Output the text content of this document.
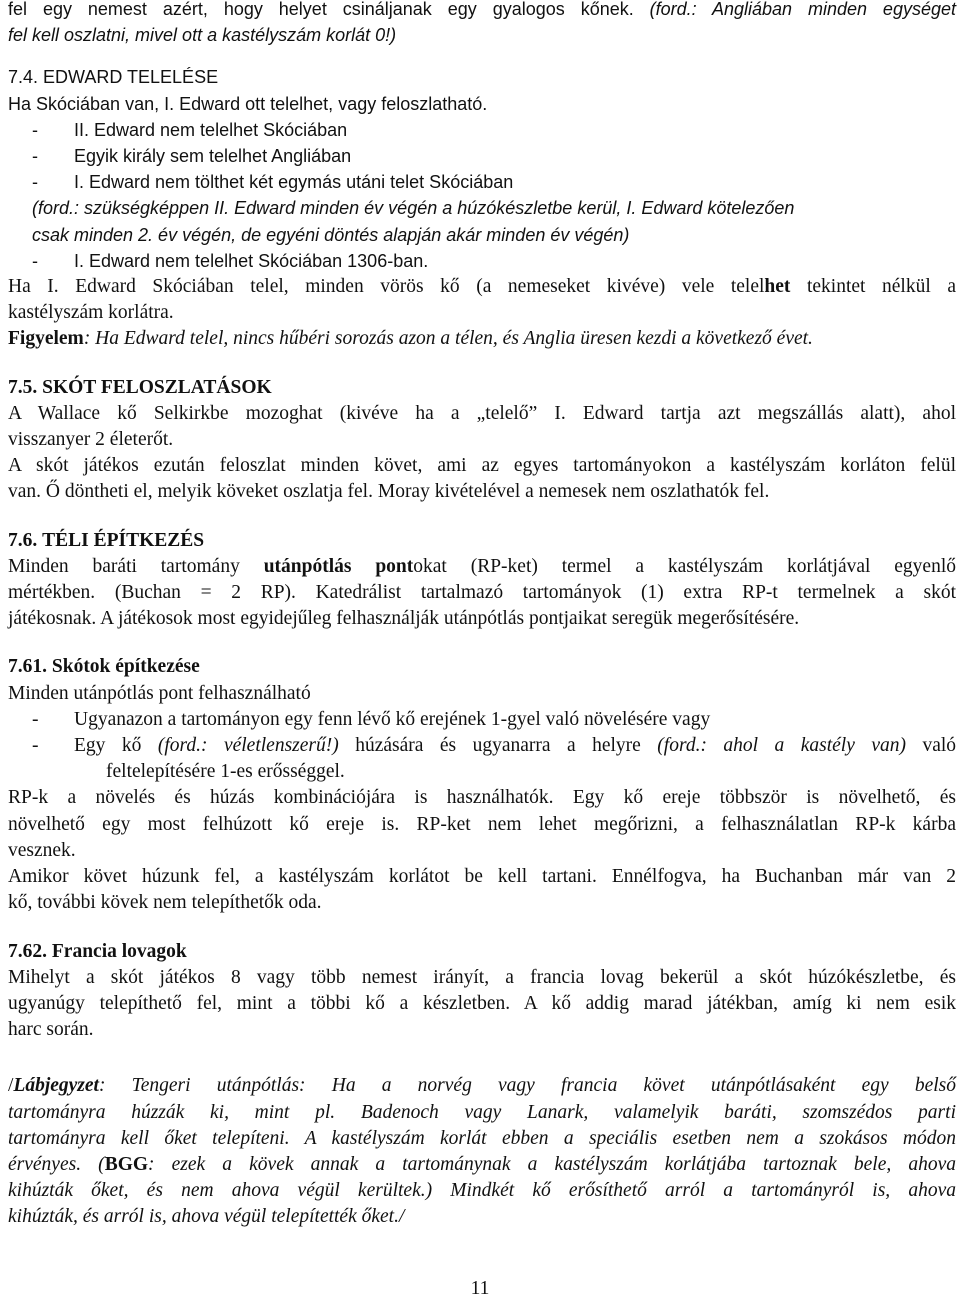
fel egy nemest azért, hogy helyet csináljanak egy gyalogos kőnek. (ford.: Angliában minden egységet
fel kell oszlatni, mivel ott a kastélyszám korlát 0!)
7.4. EDWARD TELELÉSE
Ha Skóciában van, I. Edward ott telelhet, vagy feloszlatható.
- II. Edward nem telelhet Skóciában
- Egyik király sem telelhet Angliában
- I. Edward nem tölthet két egymás utáni telet Skóciában
(ford.: szükségképpen II. Edward minden év végén a húzókészletbe kerül, I. Edward kötelezően
csak minden 2. év végén, de egyéni döntés alapján akár minden év végén)
- I. Edward nem telelhet Skóciában 1306-ban.
Ha I. Edward Skóciában telel, minden vörös kő (a nemeseket kivéve) vele telelhet tekintet nélkül a
kastélyszám korlátra.
Figyelem: Ha Edward telel, nincs hűbéri sorozás azon a télen, és Anglia üresen kezdi a következő évet.
7.5. SKÓT FELOSZLATÁSOK
A Wallace kő Selkirkbe mozoghat (kivéve ha a „telelő” I. Edward tartja azt megszállás alatt), ahol
visszanyer 2 életerőt.
A skót játékos ezután feloszlat minden követ, ami az egyes tartományokon a kastélyszám korláton felül
van. Ő döntheti el, melyik köveket oszlatja fel. Moray kivételével a nemesek nem oszlathatók fel.
7.6. TÉLI ÉPÍTKEZÉS
Minden baráti tartomány utánpótlás pontokat (RP-ket) termel a kastélyszám korlátjával egyenlő
mértékben. (Buchan = 2 RP). Katedrálist tartalmazó tartományok (1) extra RP-t termelnek a skót
játékosnak. A játékosok most egyidejűleg felhasználják utánpótlás pontjaikat seregük megerősítésére.
7.61. Skótok építkezése
Minden utánpótlás pont felhasználható
- Ugyanazon a tartományon egy fenn lévő kő erejének 1-gyel való növelésére vagy
- Egy kő (ford.: véletlenszerű!) húzására és ugyanarra a helyre (ford.: ahol a kastély van) való
feltelepítésére 1-es erősséggel.
RP-k a növelés és húzás kombinációjára is használhatók. Egy kő ereje többször is növelhető, és
növelhető egy most felhúzott kő ereje is. RP-ket nem lehet megőrizni, a felhasználatlan RP-k kárba
vesznek.
Amikor követ húzunk fel, a kastélyszám korlátot be kell tartani. Ennélfogva, ha Buchanban már van 2
kő, további kövek nem telepíthetők oda.
7.62. Francia lovagok
Mihelyt a skót játékos 8 vagy több nemest irányít, a francia lovag bekerül a skót húzókészletbe, és
ugyanúgy telepíthető fel, mint a többi kő a készletben. A kő addig marad játékban, amíg ki nem esik
harc során.
/Lábjegyzet: Tengeri utánpótlás: Ha a norvég vagy francia követ utánpótlásaként egy belső
tartományra húzzák ki, mint pl. Badenoch vagy Lanark, valamelyik baráti, szomszédos parti
tartományra kell őket telepíteni. A kastélyszám korlát ebben a speciális esetben nem a szokásos módon
érvényes. (BGG: ezek a kövek annak a tartománynak a kastélyszám korlátjába tartoznak bele, ahova
kihúzták őket, és nem ahova végül kerültek.) Mindkét kő erősíthető arról a tartományról is, ahova
kihúzták, és arról is, ahova végül telepítették őket./
11
